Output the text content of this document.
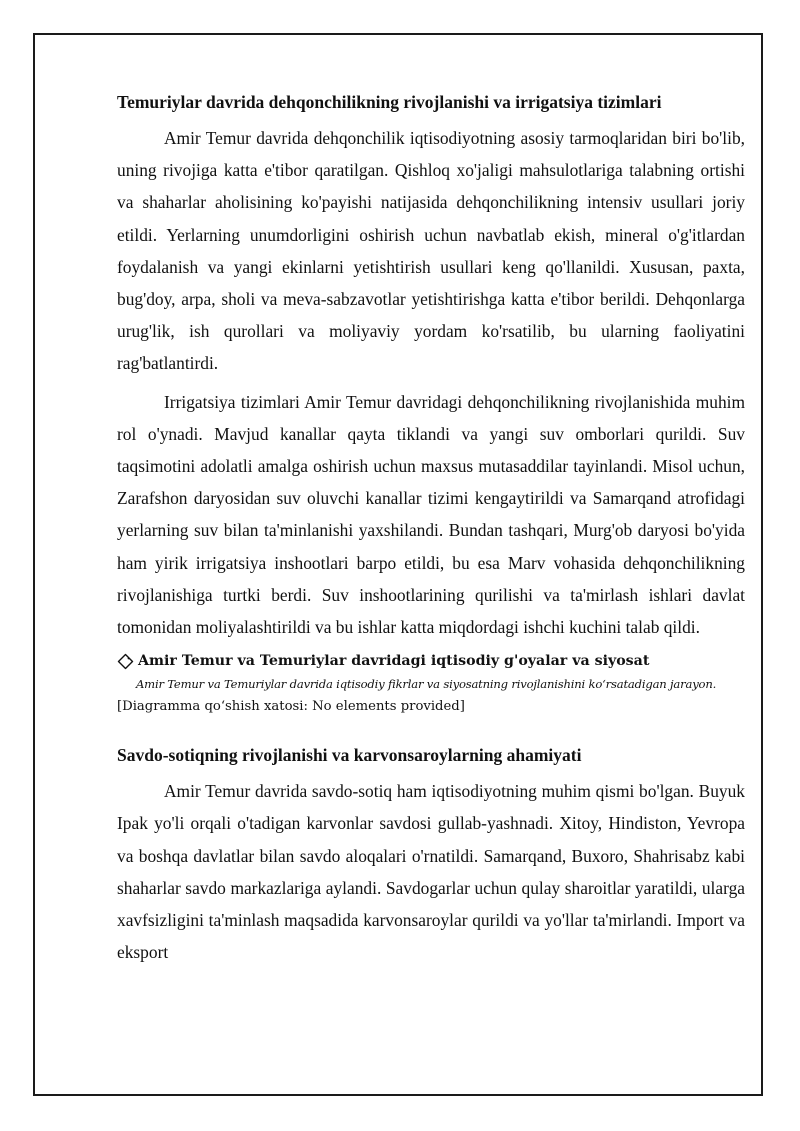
Temuriylar davrida dehqonchilikning rivojlanishi va irrigatsiya tizimlari

Amir Temur davrida dehqonchilik iqtisodiyotning asosiy tarmoqlaridan biri bo'lib, uning rivojiga katta e'tibor qaratilgan. Qishloq xo'jaligi mahsulotlariga talabning ortishi va shaharlar aholisining ko'payishi natijasida dehqonchilikning intensiv usullari joriy etildi. Yerlarning unumdorligini oshirish uchun navbatlab ekish, mineral o'g'itlardan foydalanish va yangi ekinlarni yetishtirish usullari keng qo'llanildi. Xususan, paxta, bug'doy, arpa, sholi va meva-sabzavotlar yetishtirishga katta e'tibor berildi. Dehqonlarga urug'lik, ish qurollari va moliyaviy yordam ko'rsatilib, bu ularning faoliyatini rag'batlantirdi.

Irrigatsiya tizimlari Amir Temur davridagi dehqonchilikning rivojlanishida muhim rol o'ynadi. Mavjud kanallar qayta tiklandi va yangi suv omborlari qurildi. Suv taqsimotini adolatli amalga oshirish uchun maxsus mutasaddilar tayinlandi. Misol uchun, Zarafshon daryosidan suv oluvchi kanallar tizimi kengaytirildi va Samarqand atrofidagi yerlarning suv bilan ta'minlanishi yaxshilandi. Bundan tashqari, Murg'ob daryosi bo'yida ham yirik irrigatsiya inshootlari barpo etildi, bu esa Marv vohasida dehqonchilikning rivojlanishiga turtki berdi. Suv inshootlarining qurilishi va ta'mirlash ishlari davlat tomonidan moliyalashtirildi va bu ishlar katta miqdordagi ishchi kuchini talab qildi.

Amir Temur va Temuriylar davridagi iqtisodiy g'oyalar va siyosat
Amir Temur va Temuriylar davrida iqtisodiy fikrlar va siyosatning rivojlanishini ko‘rsatadigan jarayon.
[Diagramma qo‘shish xatosi: No elements provided]
Savdo-sotiqning rivojlanishi va karvonsaroylarning ahamiyati

Amir Temur davrida savdo-sotiq ham iqtisodiyotning muhim qismi bo'lgan. Buyuk Ipak yo'li orqali o'tadigan karvonlar savdosi gullab-yashnadi. Xitoy, Hindiston, Yevropa va boshqa davlatlar bilan savdo aloqalari o'rnatildi. Samarqand, Buxoro, Shahrisabz kabi shaharlar savdo markazlariga aylandi. Savdogarlar uchun qulay sharoitlar yaratildi, ularga xavfsizligini ta'minlash maqsadida karvonsaroylar qurildi va yo'llar ta'mirlandi. Import va eksport
